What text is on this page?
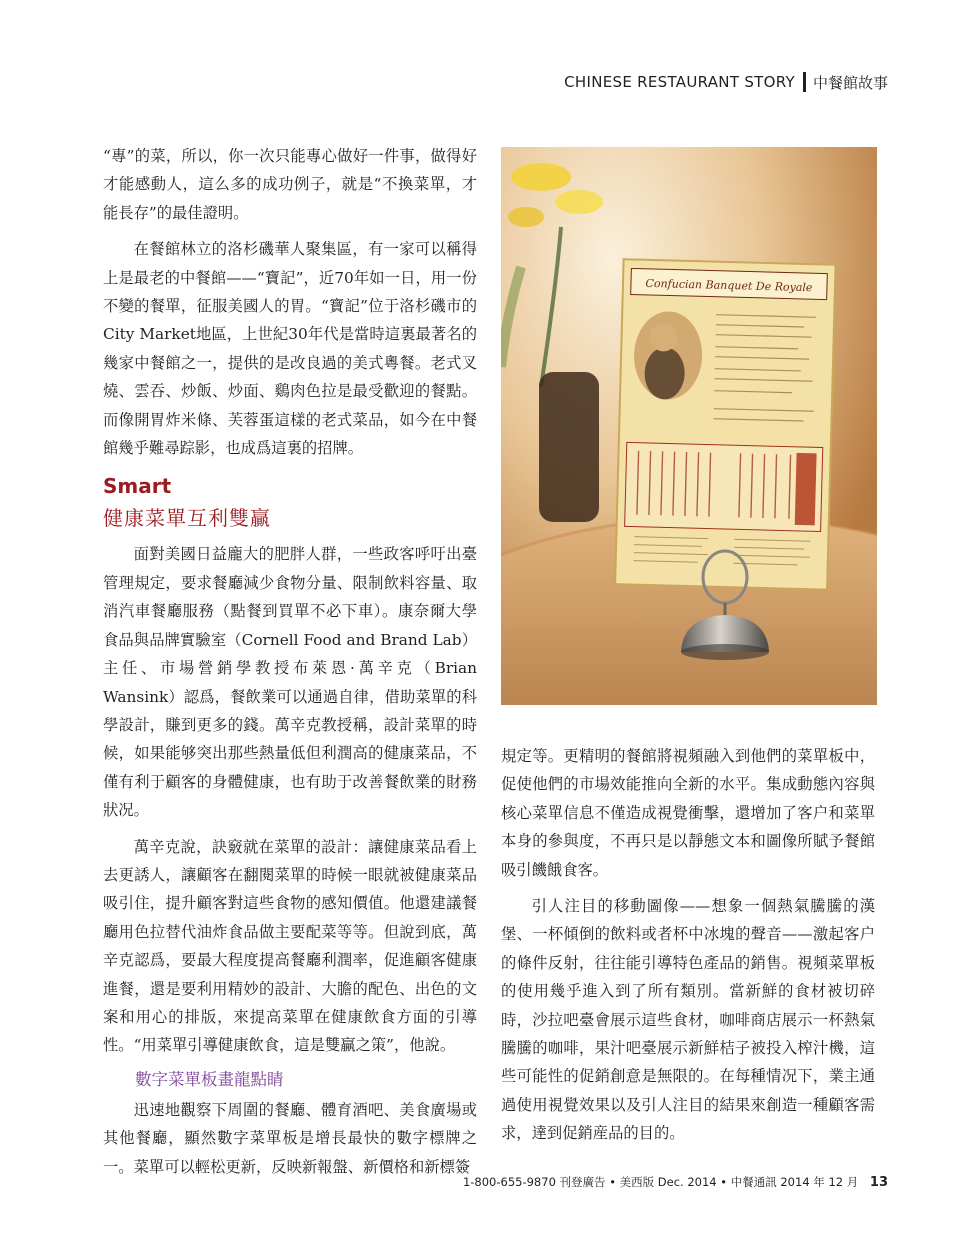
CHINESE RESTAURANT STORY 中餐館故事

“專”的菜，所以，你一次只能專心做好一件事，做得好才能感動人，這么多的成功例子，就是“不換菜單，才能長存”的最佳證明。

在餐館林立的洛杉磯華人聚集區，有一家可以稱得上是最老的中餐館——“寶記”，近70年如一日，用一份不變的餐單，征服美國人的胃。“寶記”位于洛杉磯市的City Market地區，上世紀30年代是當時這裏最著名的幾家中餐館之一，提供的是改良過的美式粵餐。老式叉燒、雲吞、炒飯、炒面、鷄肉色拉是最受歡迎的餐點。而像開胃炸米條、芙蓉蛋這樣的老式菜品，如今在中餐館幾乎難尋踪影，也成爲這裏的招牌。

Smart
健康菜單互利雙贏

面對美國日益龐大的肥胖人群，一些政客呼吁出臺管理規定，要求餐廳減少食物分量、限制飲料容量、取消汽車餐廳服務（點餐到買單不必下車）。康奈爾大學食品與品牌實驗室（Cornell Food and Brand Lab）主任、市場營銷學教授布萊恩·萬辛克（Brian Wansink）認爲，餐飲業可以通過自律，借助菜單的科學設計，賺到更多的錢。萬辛克教授稱，設計菜單的時候，如果能够突出那些熱量低但利潤高的健康菜品，不僅有利于顧客的身體健康，也有助于改善餐飲業的財務狀况。

萬辛克說，訣竅就在菜單的設計：讓健康菜品看上去更誘人，讓顧客在翻閱菜單的時候一眼就被健康菜品吸引住，提升顧客對這些食物的感知價值。他還建議餐廳用色拉替代油炸食品做主要配菜等等。但說到底，萬辛克認爲，要最大程度提高餐廳利潤率，促進顧客健康進餐，還是要利用精妙的設計、大膽的配色、出色的文案和用心的排版，來提高菜單在健康飲食方面的引導性。“用菜單引導健康飲食，這是雙贏之策”，他說。

數字菜單板畫龍點睛

迅速地觀察下周圍的餐廳、體育酒吧、美食廣場或其他餐廳，顯然數字菜單板是增長最快的數字標牌之一。菜單可以輕松更新，反映新報盤、新價格和新標簽

Confucian Banquet De Royale

規定等。更精明的餐館將視頻融入到他們的菜單板中，促使他們的市場效能推向全新的水平。集成動態內容與核心菜單信息不僅造成視覺衝擊，還增加了客户和菜單本身的參與度，不再只是以靜態文本和圖像所賦予餐館吸引饑餓食客。

引人注目的移動圖像——想象一個熱氣騰騰的漢堡、一杯傾倒的飲料或者杯中冰塊的聲音——激起客户的條件反射，往往能引導特色產品的銷售。視頻菜單板的使用幾乎進入到了所有類別。當新鮮的食材被切碎時，沙拉吧臺會展示這些食材，咖啡商店展示一杯熱氣騰騰的咖啡，果汁吧臺展示新鮮桔子被投入榨汁機，這些可能性的促銷創意是無限的。在每種情况下，業主通過使用視覺效果以及引人注目的結果來創造一種顧客需求，達到促銷産品的目的。

1-800-655-9870 刊登廣告 • 美西版 Dec. 2014 • 中餐通訊 2014 年 12 月 13
